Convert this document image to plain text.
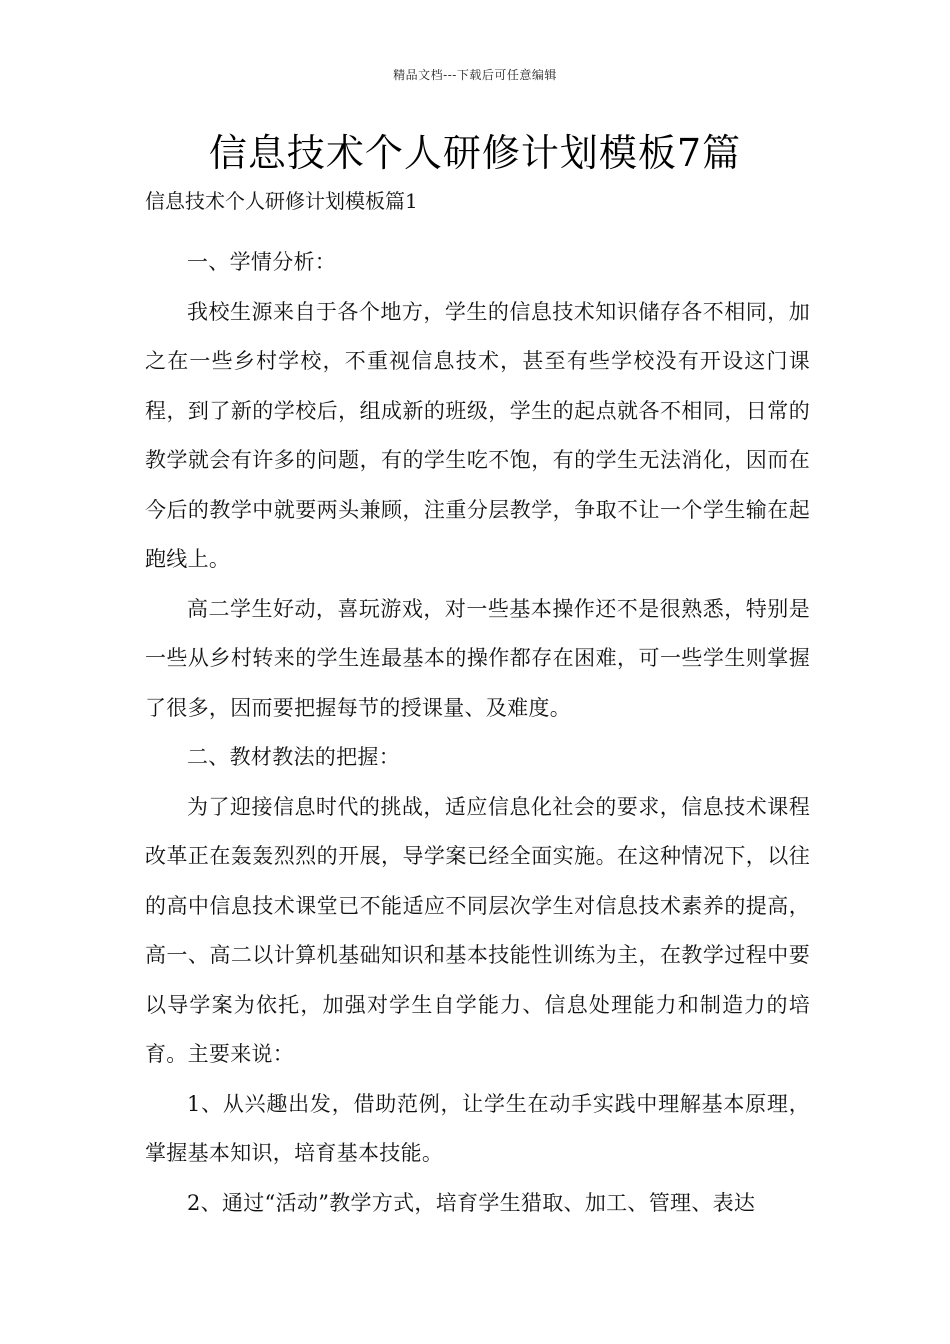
精品文档---下载后可任意编辑
信息技术个人研修计划模板7篇
信息技术个人研修计划模板篇1

一、学情分析：

我校生源来自于各个地方，学生的信息技术知识储存各不相同，加之在一些乡村学校，不重视信息技术，甚至有些学校没有开设这门课程，到了新的学校后，组成新的班级，学生的起点就各不相同，日常的教学就会有许多的问题，有的学生吃不饱，有的学生无法消化，因而在今后的教学中就要两头兼顾，注重分层教学，争取不让一个学生输在起跑线上。

高二学生好动，喜玩游戏，对一些基本操作还不是很熟悉，特别是一些从乡村转来的学生连最基本的操作都存在困难，可一些学生则掌握了很多，因而要把握每节的授课量、及难度。

二、教材教法的把握：

为了迎接信息时代的挑战，适应信息化社会的要求，信息技术课程改革正在轰轰烈烈的开展，导学案已经全面实施。在这种情况下，以往的高中信息技术课堂已不能适应不同层次学生对信息技术素养的提高，高一、高二以计算机基础知识和基本技能性训练为主，在教学过程中要以导学案为依托，加强对学生自学能力、信息处理能力和制造力的培育。主要来说：

1、从兴趣出发，借助范例，让学生在动手实践中理解基本原理，掌握基本知识，培育基本技能。

2、通过“活动”教学方式，培育学生猎取、加工、管理、表达
